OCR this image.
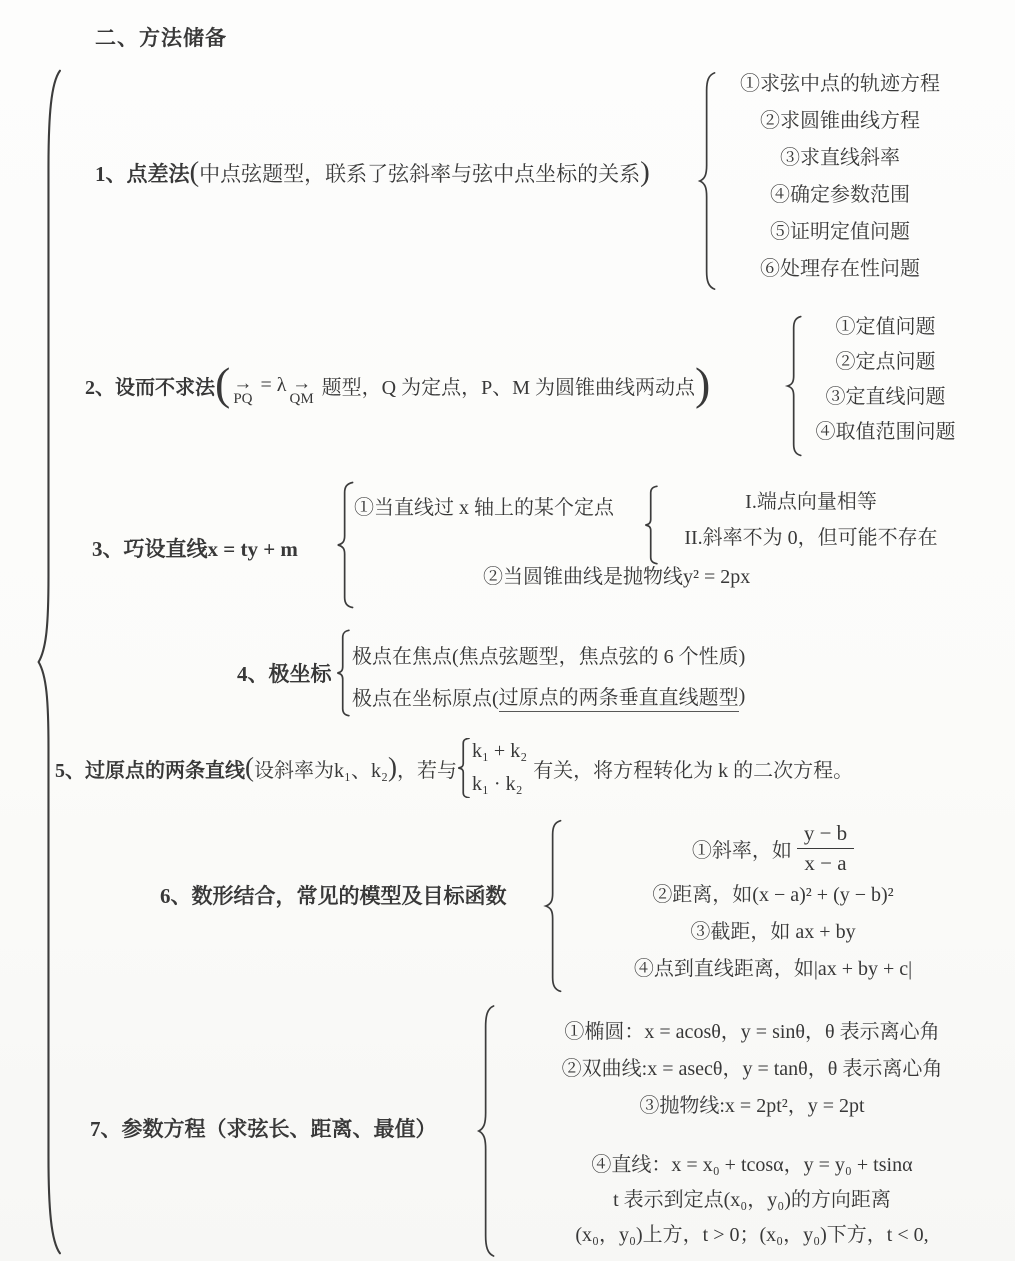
二、方法储备
1、点差法 ( 中点弦题型，联系了弦斜率与弦中点坐标的关系 )
①求弦中点的轨迹方程
②求圆锥曲线方程
③求直线斜率
④确定参数范围
⑤证明定值问题
⑥处理存在性问题
2、设而不求法 ( →
PQ
= λ →
QM 题型，Q 为定点，P、M 为圆锥曲线两动点 )
①定值问题
②定点问题
③定直线问题
④取值范围问题
3、巧设直线x = ty + m
①当直线过 x 轴上的某个定点	I.端点向量相等
II.斜率不为 0，但可能不存在
②当圆锥曲线是抛物线y² = 2px
4、极坐标
极点在焦点(焦点弦题型，焦点弦的 6 个性质)
极点在坐标原点( 过原点的两条垂直直线题型 )
5、过原点的两条直线 ( 设斜率为k₁、k₂ ) ，若与
k₁ + k₂
k₁ · k₂
有关，将方程转化为 k 的二次方程。
6、数形结合，常见的模型及目标函数
①斜率，如 $\frac{y - b}{x - a}$
②距离，如(x − a)² + (y − b)²
③截距，如 ax + by
④点到直线距离，如|ax + by + c|
7、参数方程（求弦长、距离、最值）
①椭圆：x = acosθ，y = sinθ，θ 表示离心角
②双曲线:x = asecθ，y = tanθ，θ 表示离心角
③抛物线:x = 2pt²，y = 2pt
④直线：x = x₀ + tcosα，y = y₀ + tsinα
t 表示到定点(x₀，y₀)的方向距离
(x₀，y₀)上方，t > 0；(x₀，y₀)下方，t < 0,
